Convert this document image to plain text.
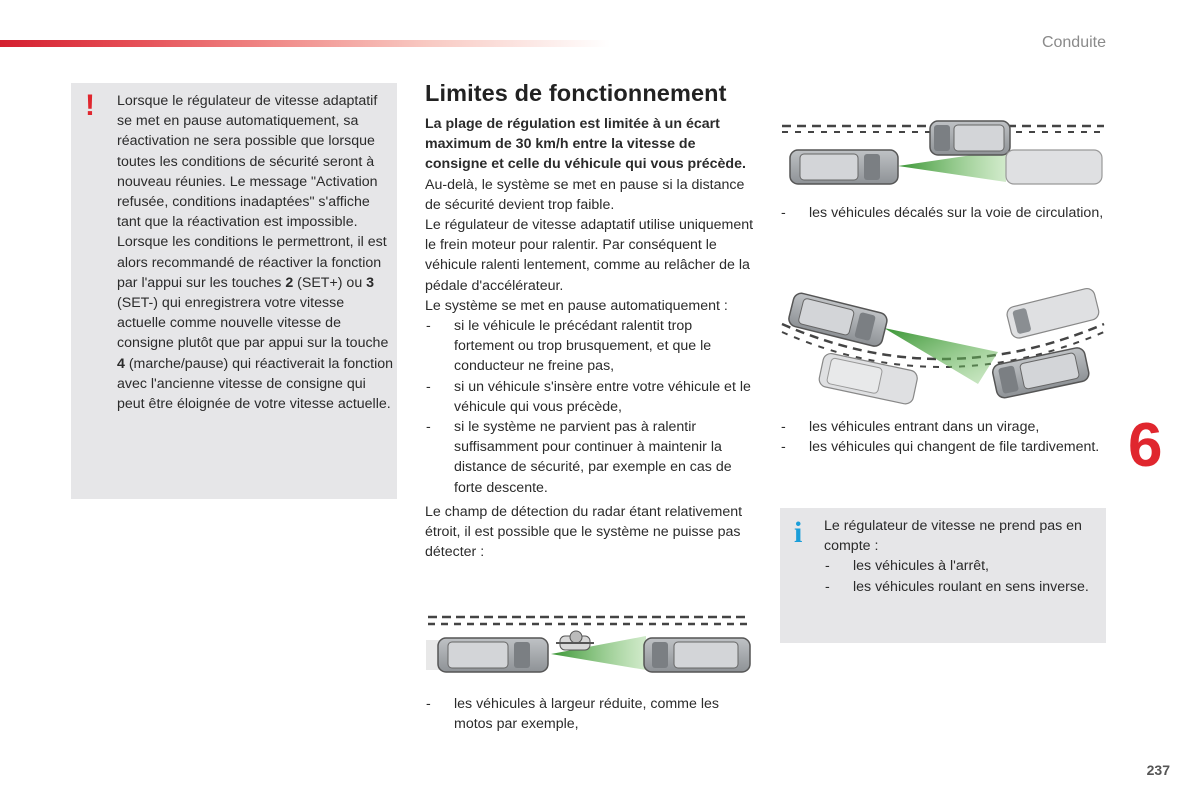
Conduite
6
237
! Lorsque le régulateur de vitesse adaptatif se met en pause automatiquement, sa réactivation ne sera possible que lorsque toutes les conditions de sécurité seront à nouveau réunies. Le message "Activation refusée, conditions inadaptées" s'affiche tant que la réactivation est impossible.

Lorsque les conditions le permettront, il est alors recommandé de réactiver la fonction par l'appui sur les touches 2 (SET+) ou 3 (SET-) qui enregistrera votre vitesse actuelle comme nouvelle vitesse de consigne plutôt que par appui sur la touche 4 (marche/pause) qui réactiverait la fonction avec l'ancienne vitesse de consigne qui peut être éloignée de votre vitesse actuelle.

Limites de fonctionnement

La plage de régulation est limitée à un écart maximum de 30 km/h entre la vitesse de consigne et celle du véhicule qui vous précède.

Au-delà, le système se met en pause si la distance de sécurité devient trop faible.

Le régulateur de vitesse adaptatif utilise uniquement le frein moteur pour ralentir. Par conséquent le véhicule ralenti lentement, comme au relâcher de la pédale d'accélérateur.

Le système se met en pause automatiquement :

- si le véhicule le précédant ralentit trop fortement ou trop brusquement, et que le conducteur ne freine pas,
- si un véhicule s'insère entre votre véhicule et le véhicule qui vous précède,
- si le système ne parvient pas à ralentir suffisamment pour continuer à maintenir la distance de sécurité, par exemple en cas de forte descente.

Le champ de détection du radar étant relativement étroit, il est possible que le système ne puisse pas détecter :

- les véhicules à largeur réduite, comme les motos par exemple,
- les véhicules décalés sur la voie de circulation,
- les véhicules entrant dans un virage,
- les véhicules qui changent de file tardivement.
i Le régulateur de vitesse ne prend pas en compte :

- les véhicules à l'arrêt,
- les véhicules roulant en sens inverse.
